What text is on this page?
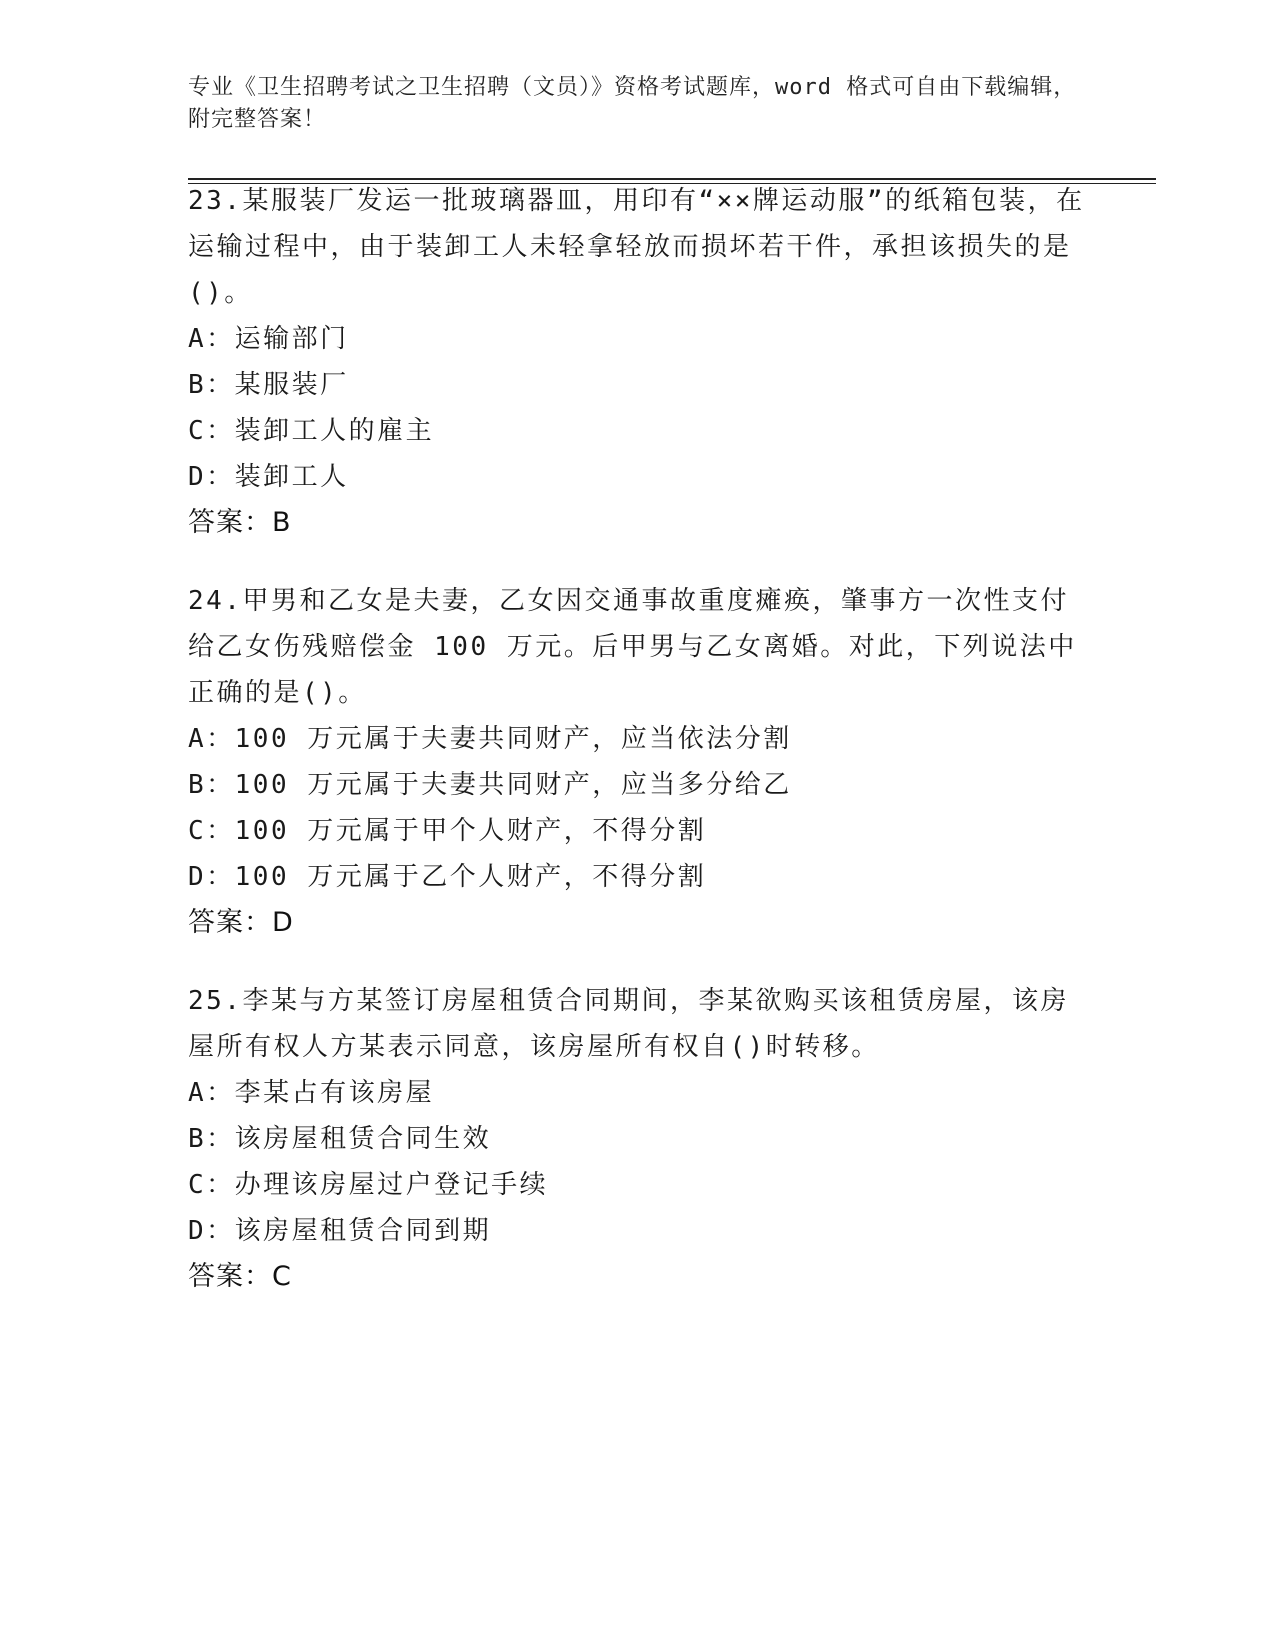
专业《卫生招聘考试之卫生招聘（文员）》资格考试题库，word 格式可自由下载编辑，附完整答案！

23.某服装厂发运一批玻璃器皿，用印有“××牌运动服”的纸箱包装，在运输过程中，由于装卸工人未轻拿轻放而损坏若干件，承担该损失的是()。

A：运输部门

B：某服装厂

C：装卸工人的雇主

D：装卸工人

答案：B

24.甲男和乙女是夫妻，乙女因交通事故重度瘫痪，肇事方一次性支付给乙女伤残赔偿金 100 万元。后甲男与乙女离婚。对此，下列说法中正确的是()。

A：100 万元属于夫妻共同财产，应当依法分割

B：100 万元属于夫妻共同财产，应当多分给乙

C：100 万元属于甲个人财产，不得分割

D：100 万元属于乙个人财产，不得分割

答案：D

25.李某与方某签订房屋租赁合同期间，李某欲购买该租赁房屋，该房屋所有权人方某表示同意，该房屋所有权自()时转移。

A：李某占有该房屋

B：该房屋租赁合同生效

C：办理该房屋过户登记手续

D：该房屋租赁合同到期

答案：C
